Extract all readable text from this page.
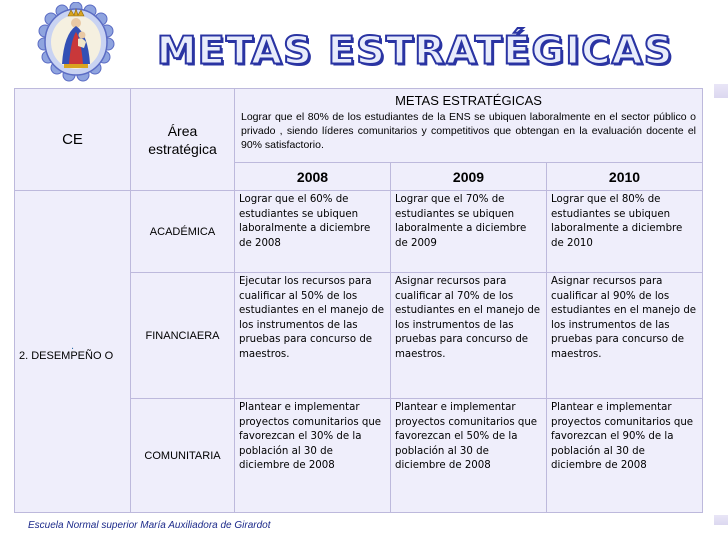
METAS ESTRATÉGICAS
CE	Área estratégica	METAS ESTRATÉGICAS
Lograr que el 80% de los estudiantes de la ENS se ubiquen laboralmente en el sector público o privado , siendo líderes comunitarios y competitivos que obtengan en la evaluación docente el 90% satisfactorio.		

		2008	2009	2010

.
2. DESEMPEÑO O	ACADÉMICA	Lograr que el 60% de estudiantes se ubiquen laboralmente a diciembre de 2008	Lograr que el 70% de estudiantes se ubiquen laboralmente a diciembre de 2009	Lograr que el 80% de estudiantes se ubiquen laboralmente a diciembre de 2010
	FINANCIAERA	Ejecutar los recursos para cualificar al 50% de los estudiantes en el manejo de los instrumentos de las pruebas para concurso de maestros.	Asignar recursos para cualificar al 70% de los estudiantes en el manejo de los instrumentos de las pruebas para concurso de maestros.	Asignar recursos para cualificar al 90% de los estudiantes en el manejo de los instrumentos de las pruebas para concurso de maestros.
	COMUNITARIA	Plantear e implementar proyectos comunitarios que favorezcan el 30% de la población al 30 de diciembre de 2008	Plantear e implementar proyectos comunitarios que favorezcan el 50% de la población al 30 de diciembre de 2008	Plantear e implementar proyectos comunitarios que favorezcan el 90% de la población al 30 de diciembre de 2008
Escuela Normal superior María Auxiliadora de Girardot
